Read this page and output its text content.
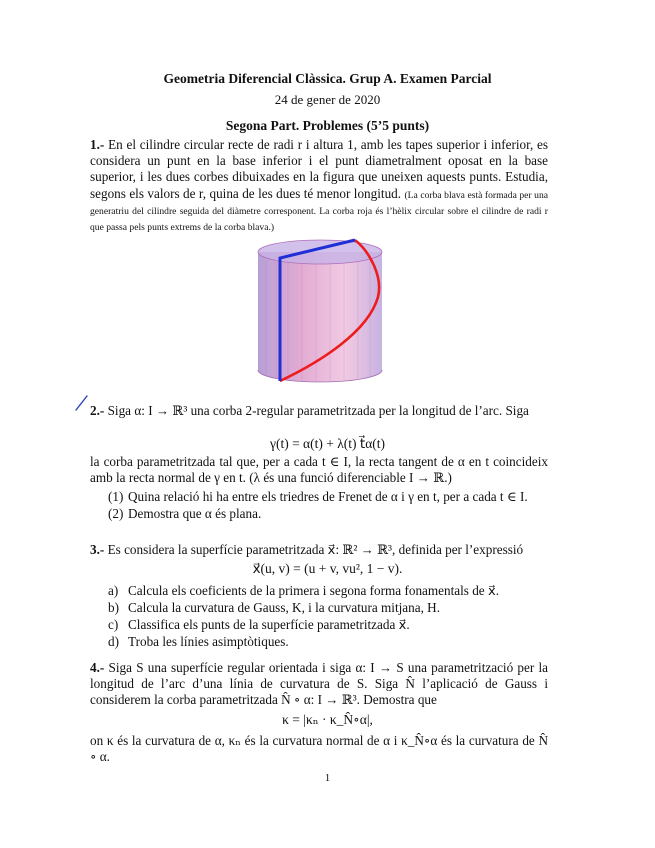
Geometria Diferencial Clàssica. Grup A. Examen Parcial
24 de gener de 2020
Segona Part. Problemes (5’5 punts)
1.- En el cilindre circular recte de radi r i altura 1, amb les tapes superior i inferior, es considera un punt en la base inferior i el punt diametralment oposat en la base superior, i les dues corbes dibuixades en la figura que uneixen aquests punts. Estudia, segons els valors de r, quina de les dues té menor longitud. (La corba blava està formada per una generatriu del cilindre seguida del diàmetre corresponent. La corba roja és l’hèlix circular sobre el cilindre de radi r que passa pels punts extrems de la corba blava.)
2.- Siga α: I → ℝ³ una corba 2-regular parametritzada per la longitud de l’arc. Siga
γ(t) = α(t) + λ(t) t⃗α(t)
la corba parametritzada tal que, per a cada t ∈ I, la recta tangent de α en t coincideix amb la recta normal de γ en t. (λ és una funció diferenciable I → ℝ.)
(1) Quina relació hi ha entre els triedres de Frenet de α i γ en t, per a cada t ∈ I.
(2) Demostra que α és plana.
3.- Es considera la superfície parametritzada x⃗: ℝ² → ℝ³, definida per l’expressió
x⃗(u, v) = (u + v, vu², 1 − v).
a) Calcula els coeficients de la primera i segona forma fonamentals de x⃗.
b) Calcula la curvatura de Gauss, K, i la curvatura mitjana, H.
c) Classifica els punts de la superfície parametritzada x⃗.
d) Troba les línies asimptòtiques.
4.- Siga S una superfície regular orientada i siga α: I → S una parametrització per la longitud de l’arc d’una línia de curvatura de S. Siga N̂ l’aplicació de Gauss i considerem la corba parametritzada N̂ ∘ α: I → ℝ³. Demostra que
κ = |κₙ · κ_N̂∘α|,
on κ és la curvatura de α, κₙ és la curvatura normal de α i κ_N̂∘α és la curvatura de N̂ ∘ α.
1
